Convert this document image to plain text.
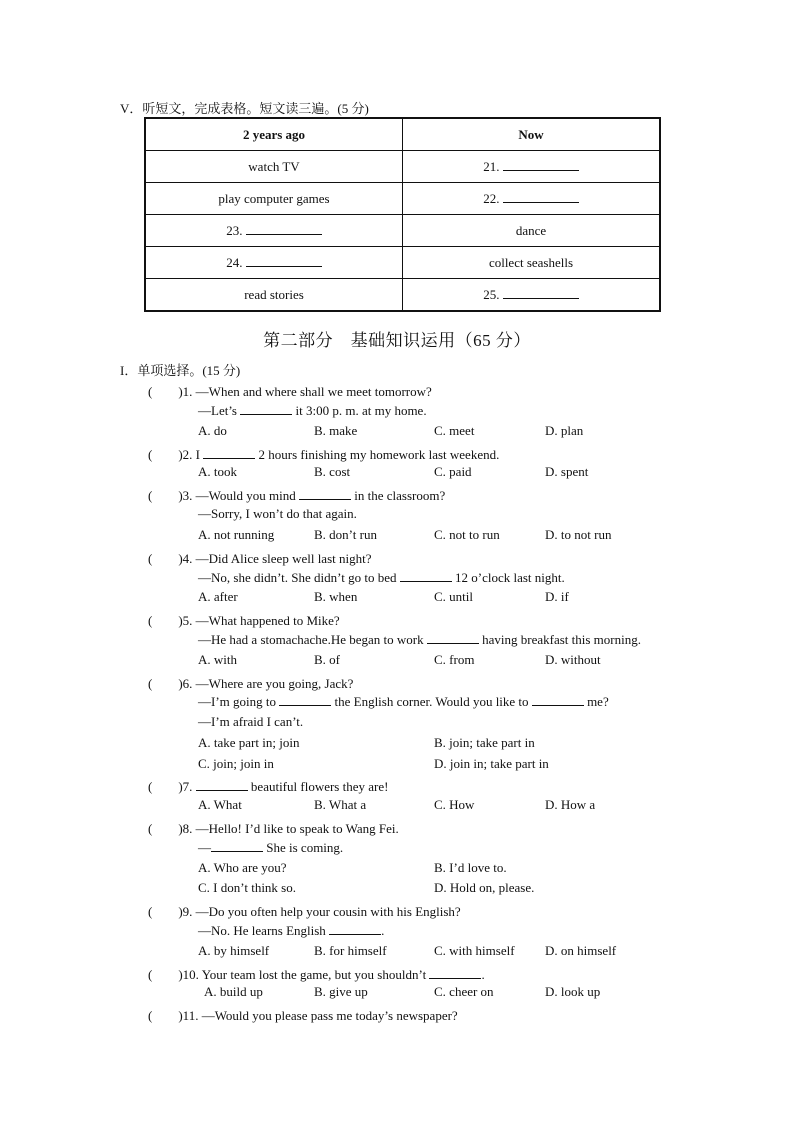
V．听短文，完成表格。短文读三遍。(5 分)
2 years ago	Now
watch TV	21.
play computer games	22.
23.	dance
24.	collect seashells
read stories	25.
第二部分　基础知识运用（65 分）
I．单项选择。(15 分)
(　　)1. —When and where shall we meet tomorrow?
—Let’s	it 3:00 p. m. at my home.
A. do	B. make	C. meet	D. plan
(　　)2. I	2 hours finishing my homework last weekend.
A. took	B. cost	C. paid	D. spent
(　　)3. —Would you mind	in the classroom?
—Sorry, I won’t do that again.
A. not running	B. don’t run	C. not to run	D. to not run
(　　)4. —Did Alice sleep well last night?
—No, she didn’t. She didn’t go to bed	12 o’clock last night.
A. after	B. when	C. until	D. if
(　　)5. —What happened to Mike?
—He had a stomachache.He began to work	having breakfast this morning.
A. with	B. of	C. from	D. without
(　　)6. —Where are you going, Jack?
—I’m going to	the English corner. Would you like to	me?
—I’m afraid I can’t.
A. take part in; join	B. join; take part in
C. join; join in	D. join in; take part in
(　　)7.	beautiful flowers they are!
A. What	B. What a	C. How	D. How a
(　　)8. —Hello! I’d like to speak to Wang Fei.
—	She is coming.
A. Who are you?	B. I’d love to.
C. I don’t think so.	D. Hold on, please.
(　　)9. —Do you often help your cousin with his English?
—No. He learns English	.
A. by himself	B. for himself	C. with himself D. on himself
(　　)10. Your team lost the game, but you shouldn’t	.
A. build up	B. give up	C. cheer on	D. look up
(　　)11. —Would you please pass me today’s newspaper?
